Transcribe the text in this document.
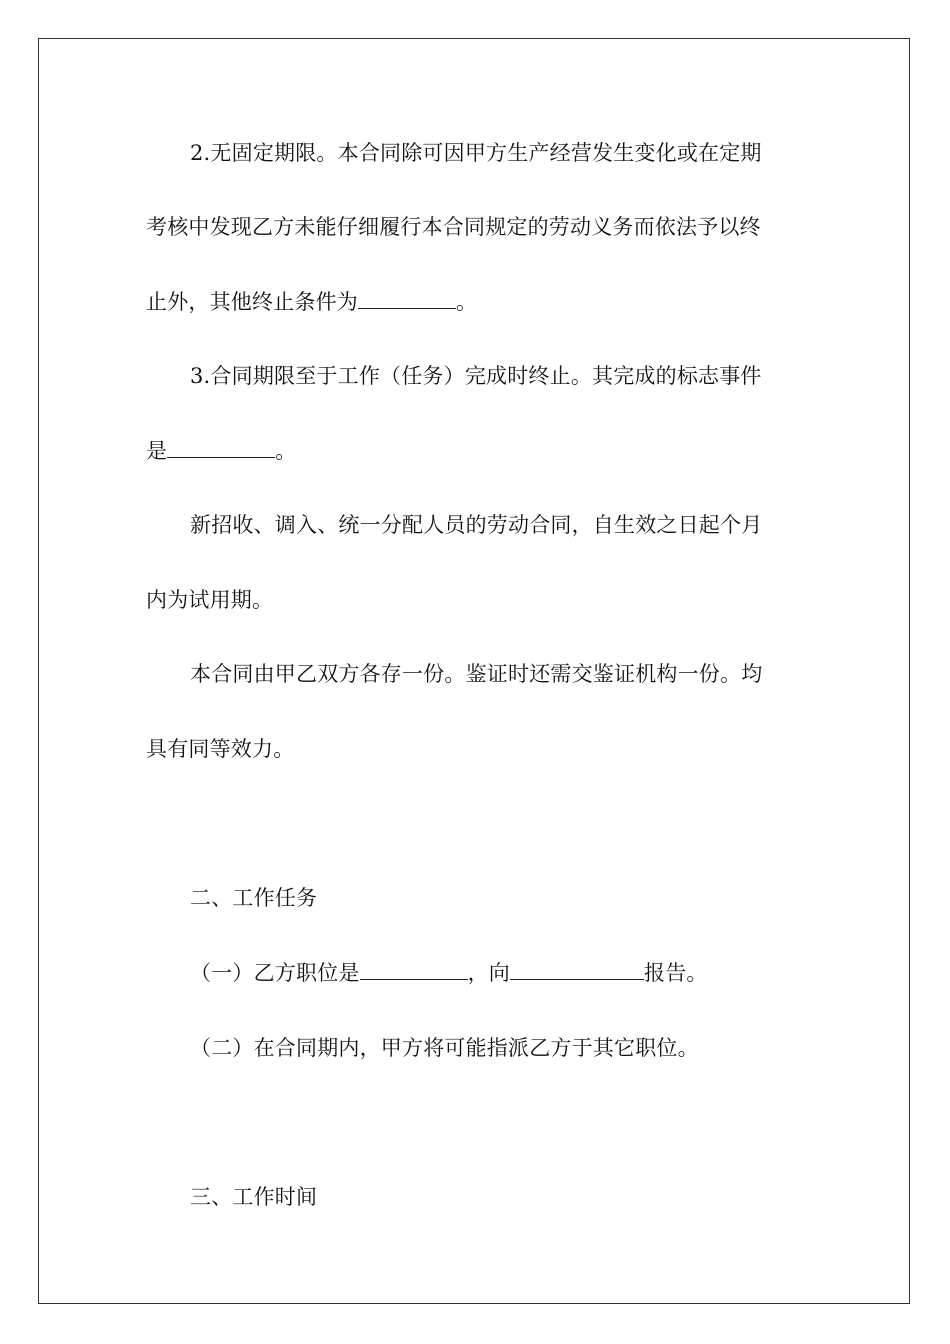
2.无固定期限。本合同除可因甲方生产经营发生变化或在定期
考核中发现乙方未能仔细履行本合同规定的劳动义务而依法予以终
止外，其他终止条件为	。
3.合同期限至于工作（任务）完成时终止。其完成的标志事件
是	。
新招收、调入、统一分配人员的劳动合同，自生效之日起个月
内为试用期。
本合同由甲乙双方各存一份。鉴证时还需交鉴证机构一份。均
具有同等效力。
二、工作任务
（一）乙方职位是	，向	报告。
（二）在合同期内，甲方将可能指派乙方于其它职位。
三、工作时间
